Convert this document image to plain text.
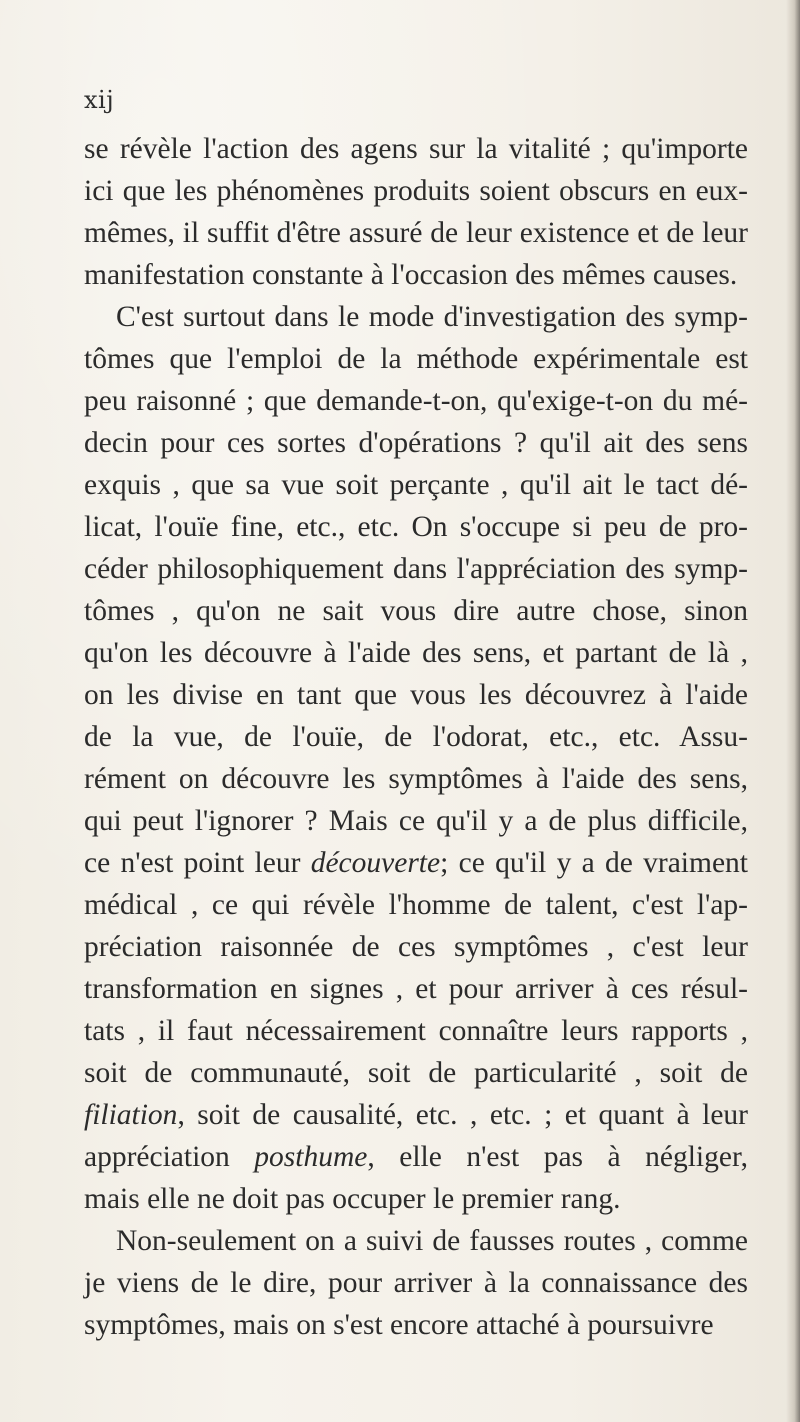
xij
se révèle l'action des agens sur la vitalité ; qu'importe
ici que les phénomènes produits soient obscurs en eux-
mêmes, il suffit d'être assuré de leur existence et de leur
manifestation constante à l'occasion des mêmes causes.
C'est surtout dans le mode d'investigation des symp-
tômes que l'emploi de la méthode expérimentale est
peu raisonné ; que demande-t-on, qu'exige-t-on du mé-
decin pour ces sortes d'opérations ? qu'il ait des sens
exquis , que sa vue soit perçante , qu'il ait le tact dé-
licat, l'ouïe fine, etc., etc. On s'occupe si peu de pro-
céder philosophiquement dans l'appréciation des symp-
tômes , qu'on ne sait vous dire autre chose, sinon
qu'on les découvre à l'aide des sens, et partant de là ,
on les divise en tant que vous les découvrez à l'aide
de la vue, de l'ouïe, de l'odorat, etc., etc. Assu-
rément on découvre les symptômes à l'aide des sens,
qui peut l'ignorer ? Mais ce qu'il y a de plus difficile,
ce n'est point leur découverte; ce qu'il y a de vraiment
médical , ce qui révèle l'homme de talent, c'est l'ap-
préciation raisonnée de ces symptômes , c'est leur
transformation en signes , et pour arriver à ces résul-
tats , il faut nécessairement connaître leurs rapports ,
soit de communauté, soit de particularité , soit de
filiation, soit de causalité, etc. , etc. ; et quant à leur
appréciation posthume, elle n'est pas à négliger,
mais elle ne doit pas occuper le premier rang.
Non-seulement on a suivi de fausses routes , comme
je viens de le dire, pour arriver à la connaissance des
symptômes, mais on s'est encore attaché à poursuivre
